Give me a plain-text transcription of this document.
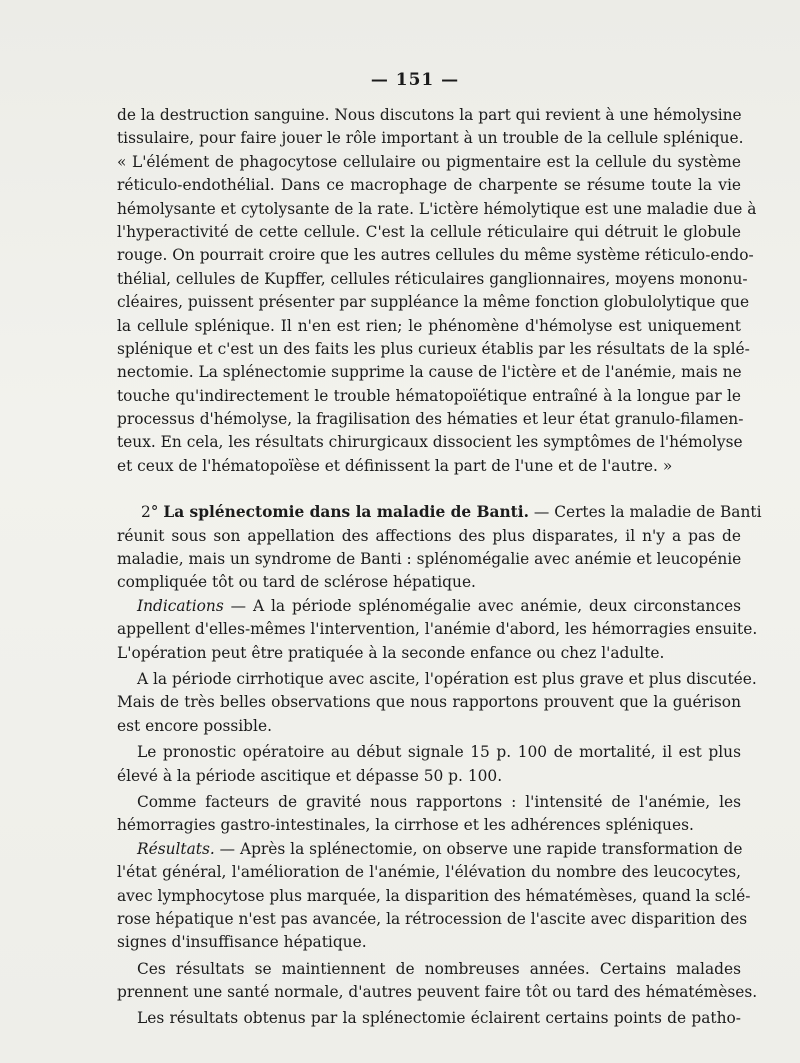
— 151 —
de la destruction sanguine. Nous discutons la part qui revient à une hémolysine
tissulaire, pour faire jouer le rôle important à un trouble de la cellule splénique.
« L'élément de phagocytose cellulaire ou pigmentaire est la cellule du système
réticulo-endothélial. Dans ce macrophage de charpente se résume toute la vie
hémolysante et cytolysante de la rate. L'ictère hémolytique est une maladie due à
l'hyperactivité de cette cellule. C'est la cellule réticulaire qui détruit le globule
rouge. On pourrait croire que les autres cellules du même système réticulo-endo-
thélial, cellules de Kupffer, cellules réticulaires ganglionnaires, moyens mononu-
cléaires, puissent présenter par suppléance la même fonction globulolytique que
la cellule splénique. Il n'en est rien; le phénomène d'hémolyse est uniquement
splénique et c'est un des faits les plus curieux établis par les résultats de la splé-
nectomie. La splénectomie supprime la cause de l'ictère et de l'anémie, mais ne
touche qu'indirectement le trouble hématopoïétique entraîné à la longue par le
processus d'hémolyse, la fragilisation des hématies et leur état granulo-filamen-
teux. En cela, les résultats chirurgicaux dissocient les symptômes de l'hémolyse
et ceux de l'hématopoïèse et définissent la part de l'une et de l'autre. »
2° La splénectomie dans la maladie de Banti. — Certes la maladie de Banti
réunit sous son appellation des affections des plus disparates, il n'y a pas de
maladie, mais un syndrome de Banti : splénomégalie avec anémie et leucopénie
compliquée tôt ou tard de sclérose hépatique.
Indications — A la période splénomégalie avec anémie, deux circonstances
appellent d'elles-mêmes l'intervention, l'anémie d'abord, les hémorragies ensuite.
L'opération peut être pratiquée à la seconde enfance ou chez l'adulte.
A la période cirrhotique avec ascite, l'opération est plus grave et plus discutée.
Mais de très belles observations que nous rapportons prouvent que la guérison
est encore possible.
Le pronostic opératoire au début signale 15 p. 100 de mortalité, il est plus
élevé à la période ascitique et dépasse 50 p. 100.
Comme facteurs de gravité nous rapportons : l'intensité de l'anémie, les
hémorragies gastro-intestinales, la cirrhose et les adhérences spléniques.
Résultats. — Après la splénectomie, on observe une rapide transformation de
l'état général, l'amélioration de l'anémie, l'élévation du nombre des leucocytes,
avec lymphocytose plus marquée, la disparition des hématémèses, quand la sclé-
rose hépatique n'est pas avancée, la rétrocession de l'ascite avec disparition des
signes d'insuffisance hépatique.
Ces résultats se maintiennent de nombreuses années. Certains malades
prennent une santé normale, d'autres peuvent faire tôt ou tard des hématémèses.
Les résultats obtenus par la splénectomie éclairent certains points de patho-
